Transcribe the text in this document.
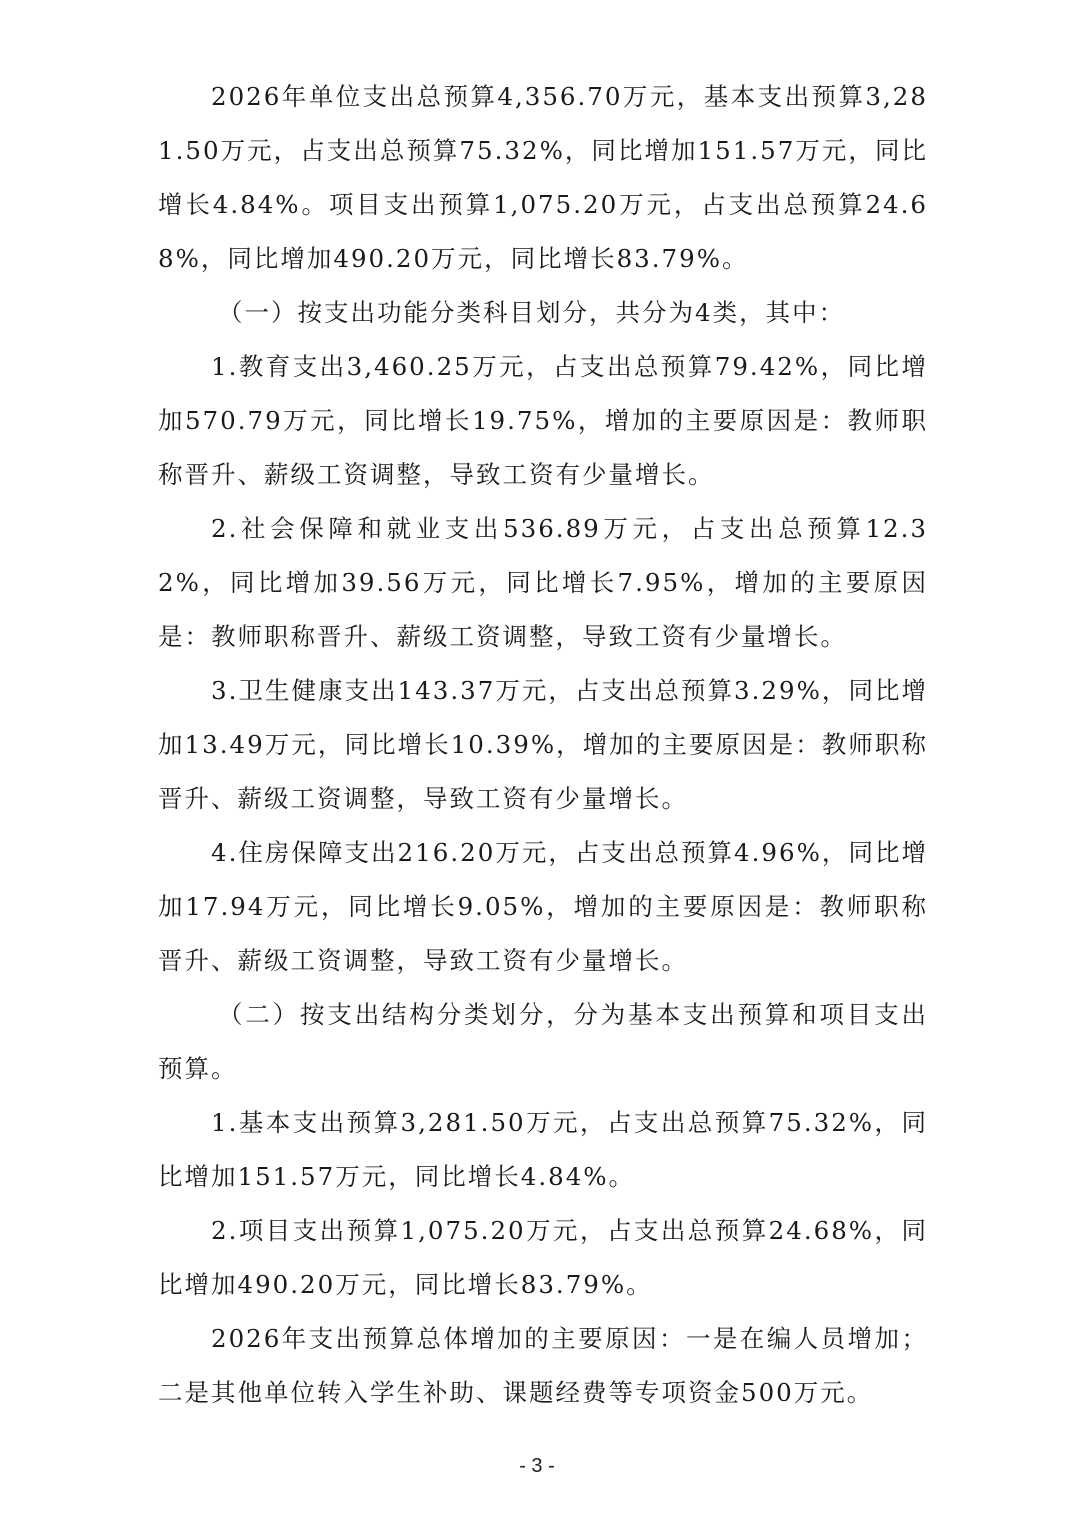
2026年单位支出总预算4,356.70万元，基本支出预算3,281.50万元，占支出总预算75.32%，同比增加151.57万元，同比增长4.84%。项目支出预算1,075.20万元，占支出总预算24.68%，同比增加490.20万元，同比增长83.79%。

（一）按支出功能分类科目划分，共分为4类，其中：

1.教育支出3,460.25万元，占支出总预算79.42%，同比增加570.79万元，同比增长19.75%，增加的主要原因是：教师职称晋升、薪级工资调整，导致工资有少量增长。

2.社会保障和就业支出536.89万元，占支出总预算12.32%，同比增加39.56万元，同比增长7.95%，增加的主要原因是：教师职称晋升、薪级工资调整，导致工资有少量增长。

3.卫生健康支出143.37万元，占支出总预算3.29%，同比增加13.49万元，同比增长10.39%，增加的主要原因是：教师职称晋升、薪级工资调整，导致工资有少量增长。

4.住房保障支出216.20万元，占支出总预算4.96%，同比增加17.94万元，同比增长9.05%，增加的主要原因是：教师职称晋升、薪级工资调整，导致工资有少量增长。

（二）按支出结构分类划分，分为基本支出预算和项目支出预算。

1.基本支出预算3,281.50万元，占支出总预算75.32%，同比增加151.57万元，同比增长4.84%。

2.项目支出预算1,075.20万元，占支出总预算24.68%，同比增加490.20万元，同比增长83.79%。

2026年支出预算总体增加的主要原因：一是在编人员增加；二是其他单位转入学生补助、课题经费等专项资金500万元。

- 3 -
